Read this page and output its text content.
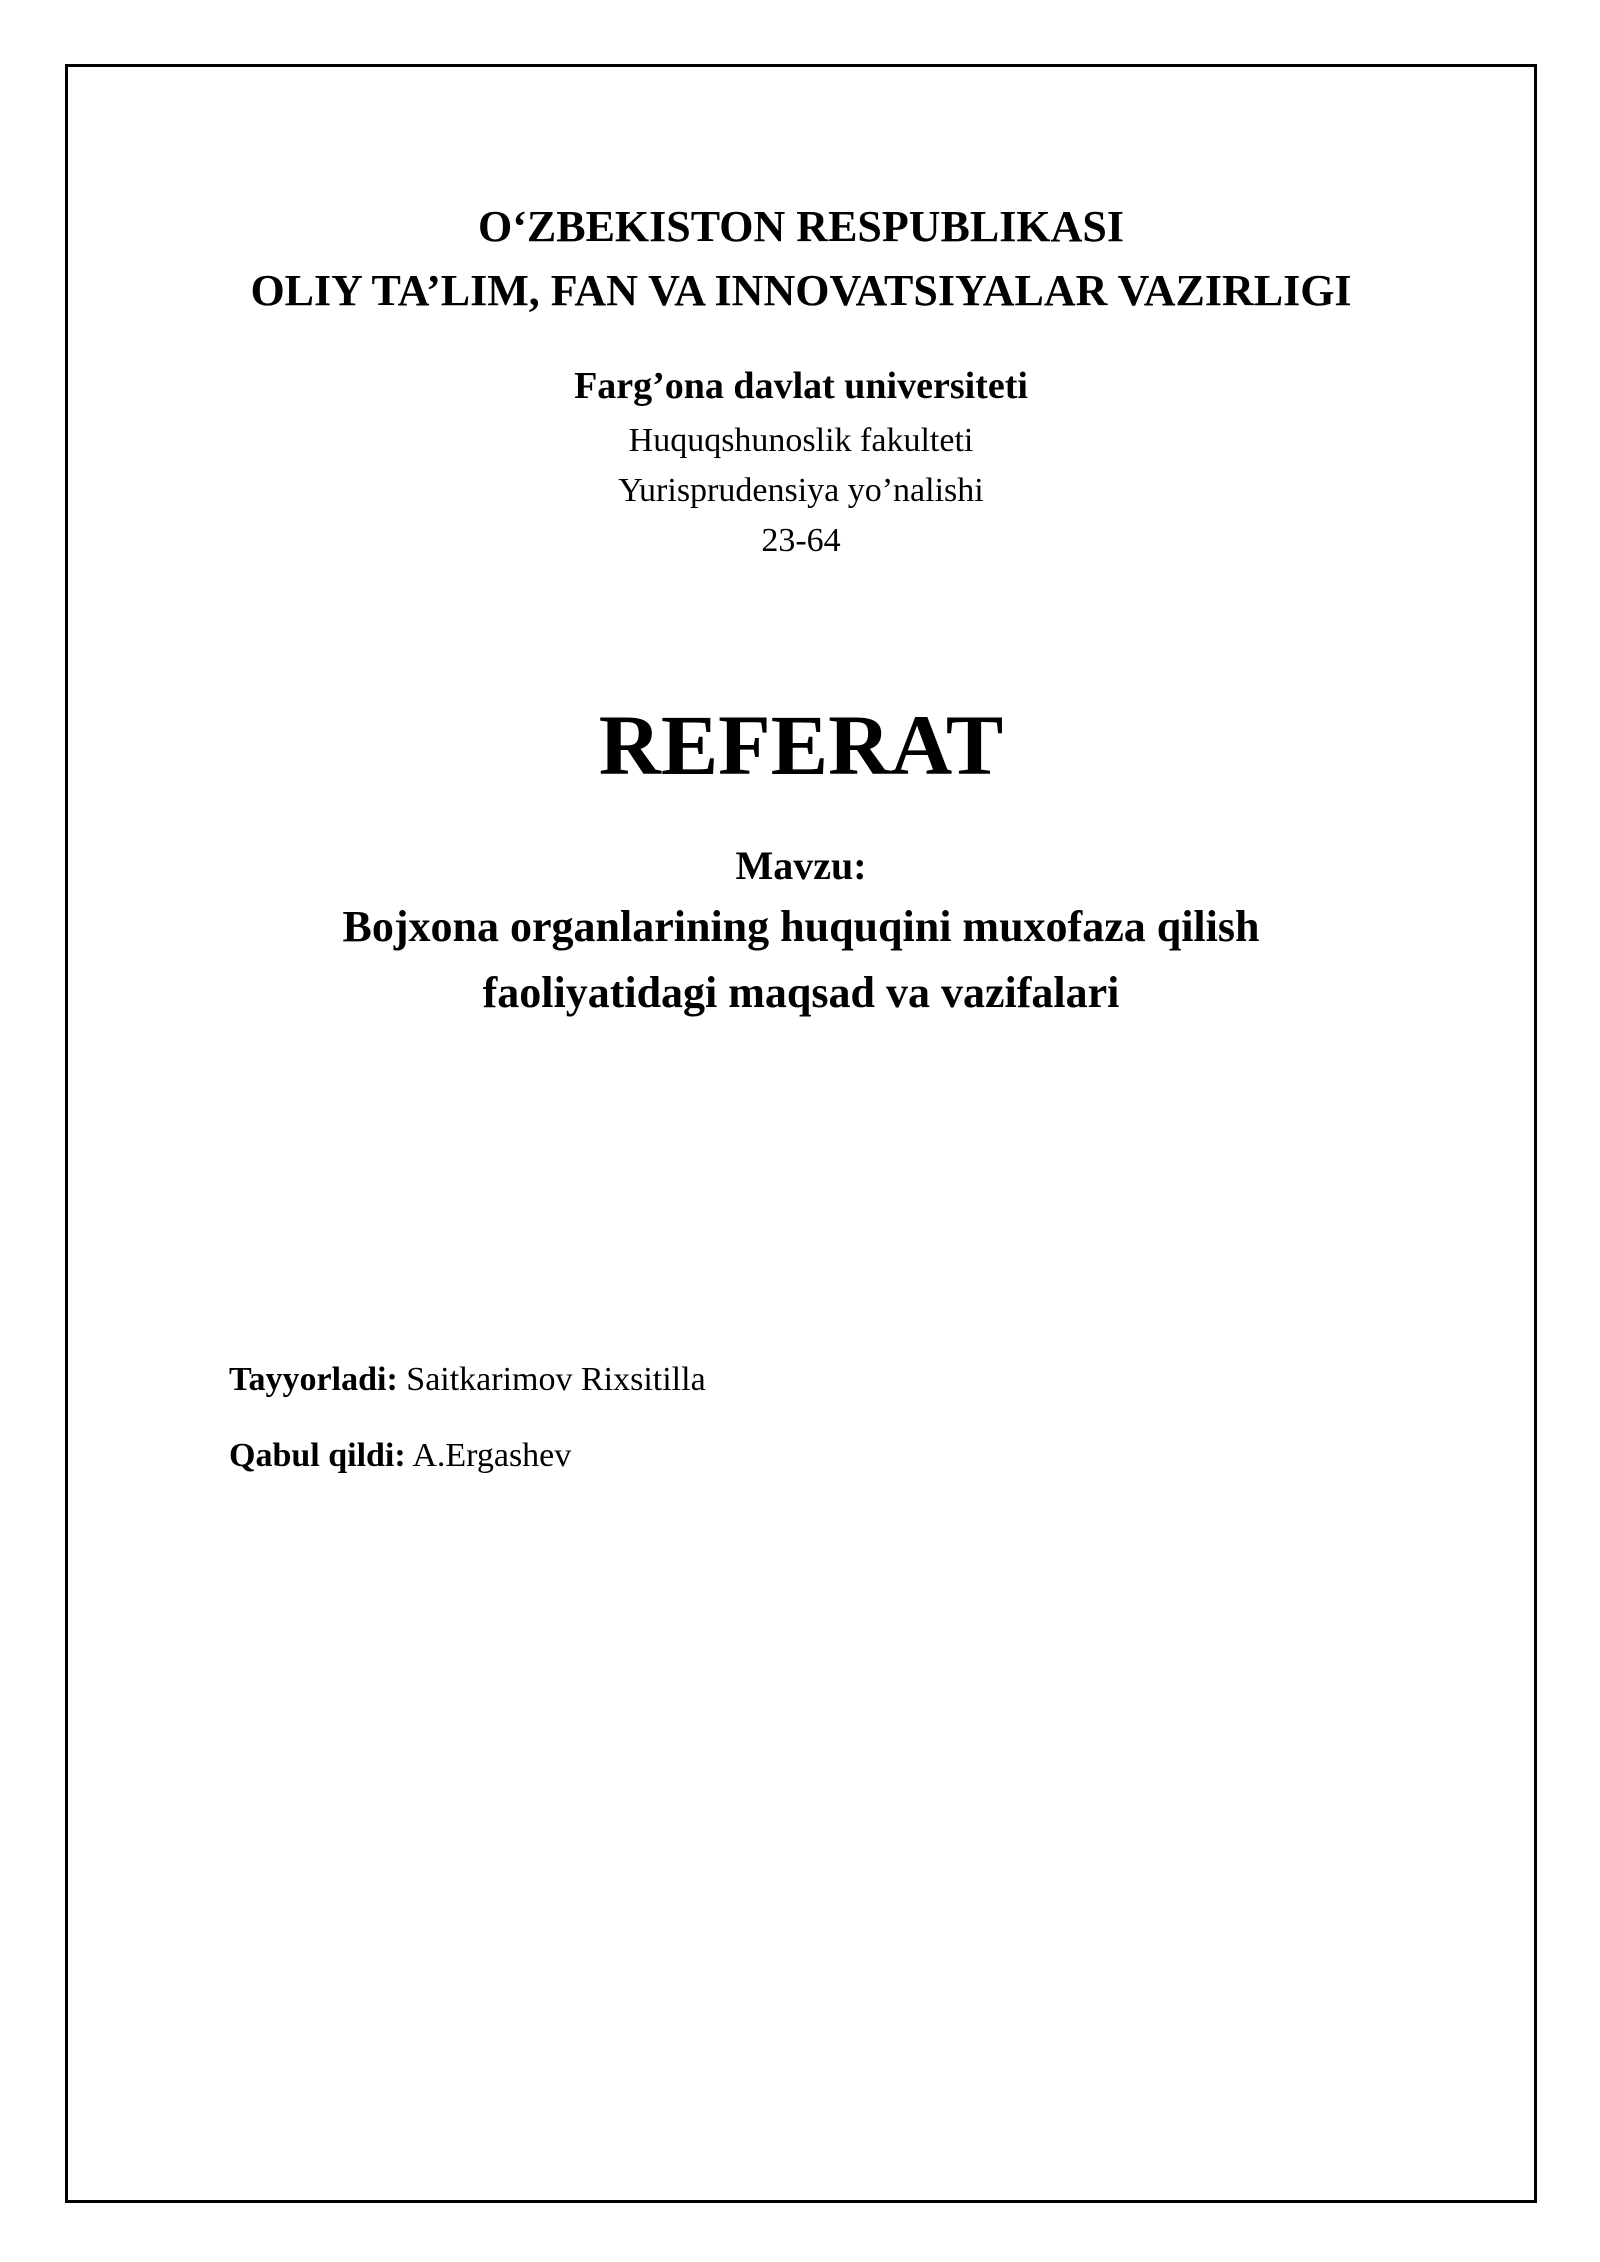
O‘ZBEKISTON RESPUBLIKASI
OLIY TA’LIM, FAN VA INNOVATSIYALAR VAZIRLIGI
Farg’ona davlat universiteti
Huquqshunoslik fakulteti
Yurisprudensiya yo’nalishi
23-64
REFERAT
Mavzu:
Bojxona organlarining huquqini muxofaza qilish
faoliyatidagi maqsad va vazifalari
Tayyorladi: Saitkarimov Rixsitilla
Qabul qildi: A.Ergashev
